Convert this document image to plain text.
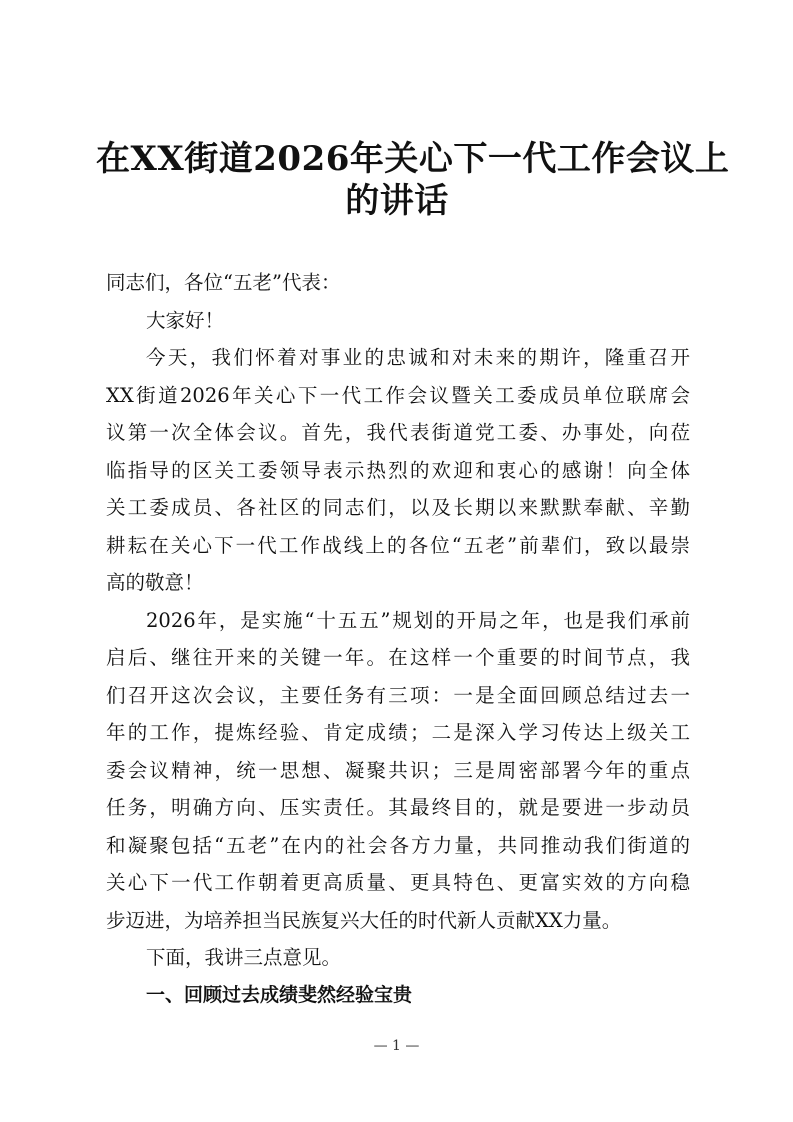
在XX街道2026年关心下一代工作会议上
的讲话
同志们，各位“五老”代表：
大家好！
今天，我们怀着对事业的忠诚和对未来的期许，隆重召开
XX街道2026年关心下一代工作会议暨关工委成员单位联席会
议第一次全体会议。首先，我代表街道党工委、办事处，向莅
临指导的区关工委领导表示热烈的欢迎和衷心的感谢！向全体
关工委成员、各社区的同志们，以及长期以来默默奉献、辛勤
耕耘在关心下一代工作战线上的各位“五老”前辈们，致以最崇
高的敬意！
2026年，是实施“十五五”规划的开局之年，也是我们承前
启后、继往开来的关键一年。在这样一个重要的时间节点，我
们召开这次会议，主要任务有三项：一是全面回顾总结过去一
年的工作，提炼经验、肯定成绩；二是深入学习传达上级关工
委会议精神，统一思想、凝聚共识；三是周密部署今年的重点
任务，明确方向、压实责任。其最终目的，就是要进一步动员
和凝聚包括“五老”在内的社会各方力量，共同推动我们街道的
关心下一代工作朝着更高质量、更具特色、更富实效的方向稳
步迈进，为培养担当民族复兴大任的时代新人贡献XX力量。
下面，我讲三点意见。
一、回顾过去成绩斐然经验宝贵
— 1 —
